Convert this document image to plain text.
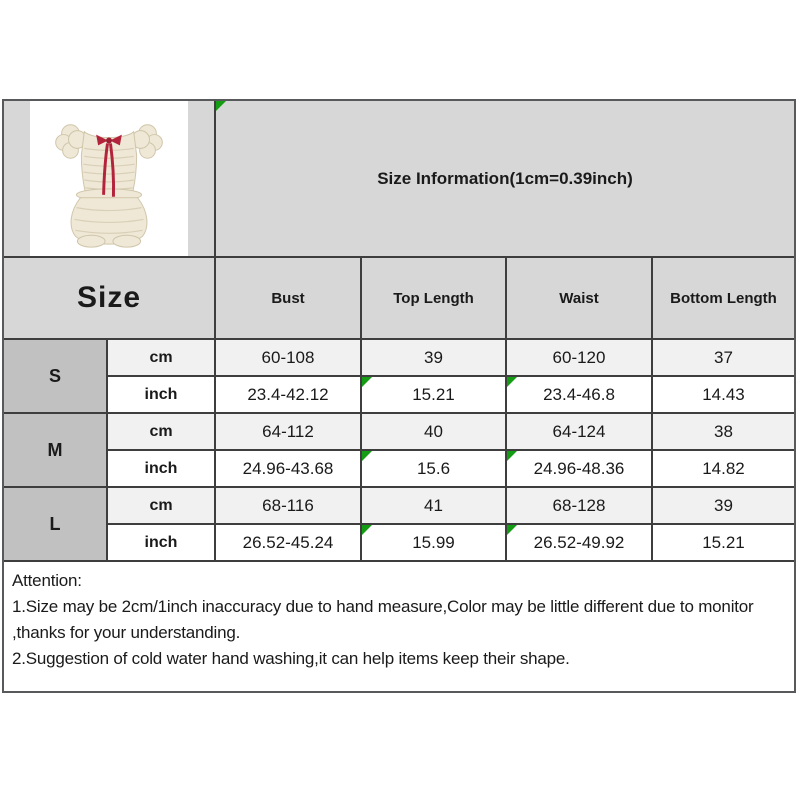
Size Information(1cm=0.39inch)
Size	Bust	Top Length	Waist	Bottom Length
S
cm	60-108	39	60-120	37
inch	23.4-42.12	15.21	23.4-46.8	14.43
M
cm	64-112	40	64-124	38
inch	24.96-43.68	15.6	24.96-48.36	14.82
L
cm	68-116	41	68-128	39
inch	26.52-45.24	15.99	26.52-49.92	15.21
Attention:
1.Size may be 2cm/1inch inaccuracy due to hand measure,Color may be little different due to monitor
,thanks for your understanding.
2.Suggestion of cold water hand washing,it can help items keep their shape.
